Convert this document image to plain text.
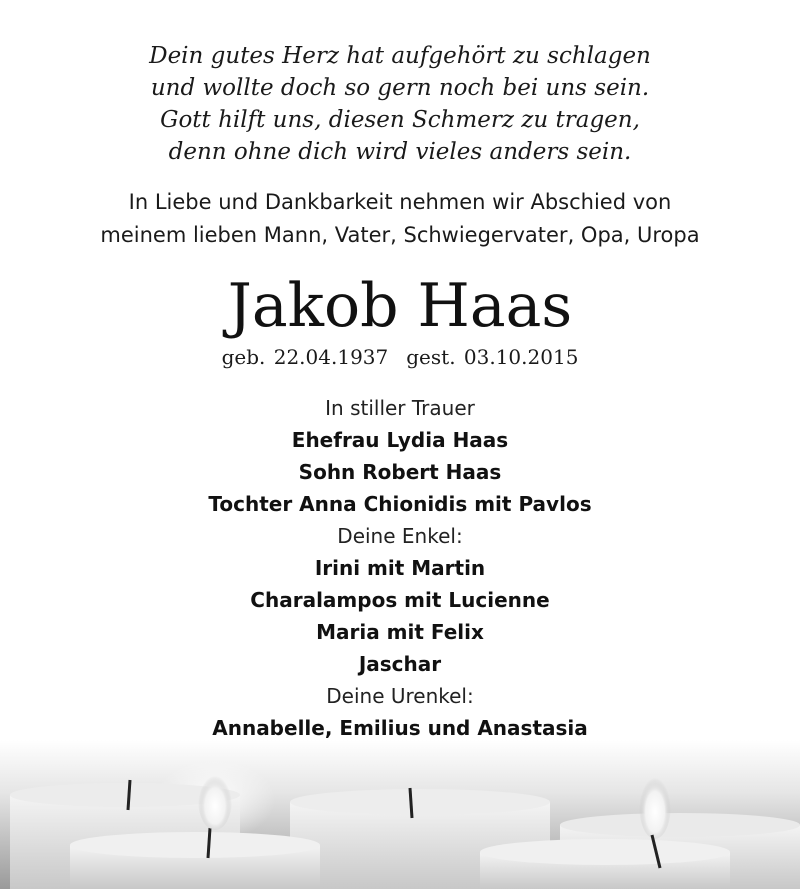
Dein gutes Herz hat aufgehört zu schlagen
und wollte doch so gern noch bei uns sein.
Gott hilft uns, diesen Schmerz zu tragen,
denn ohne dich wird vieles anders sein.
In Liebe und Dankbarkeit nehmen wir Abschied von
meinem lieben Mann, Vater, Schwiegervater, Opa, Uropa
Jakob Haas
geb. 22.04.1937 gest. 03.10.2015
In stiller Trauer
Ehefrau Lydia Haas
Sohn Robert Haas
Tochter Anna Chionidis mit Pavlos
Deine Enkel:
Irini mit Martin
Charalampos mit Lucienne
Maria mit Felix
Jaschar
Deine Urenkel:
Annabelle, Emilius und Anastasia
